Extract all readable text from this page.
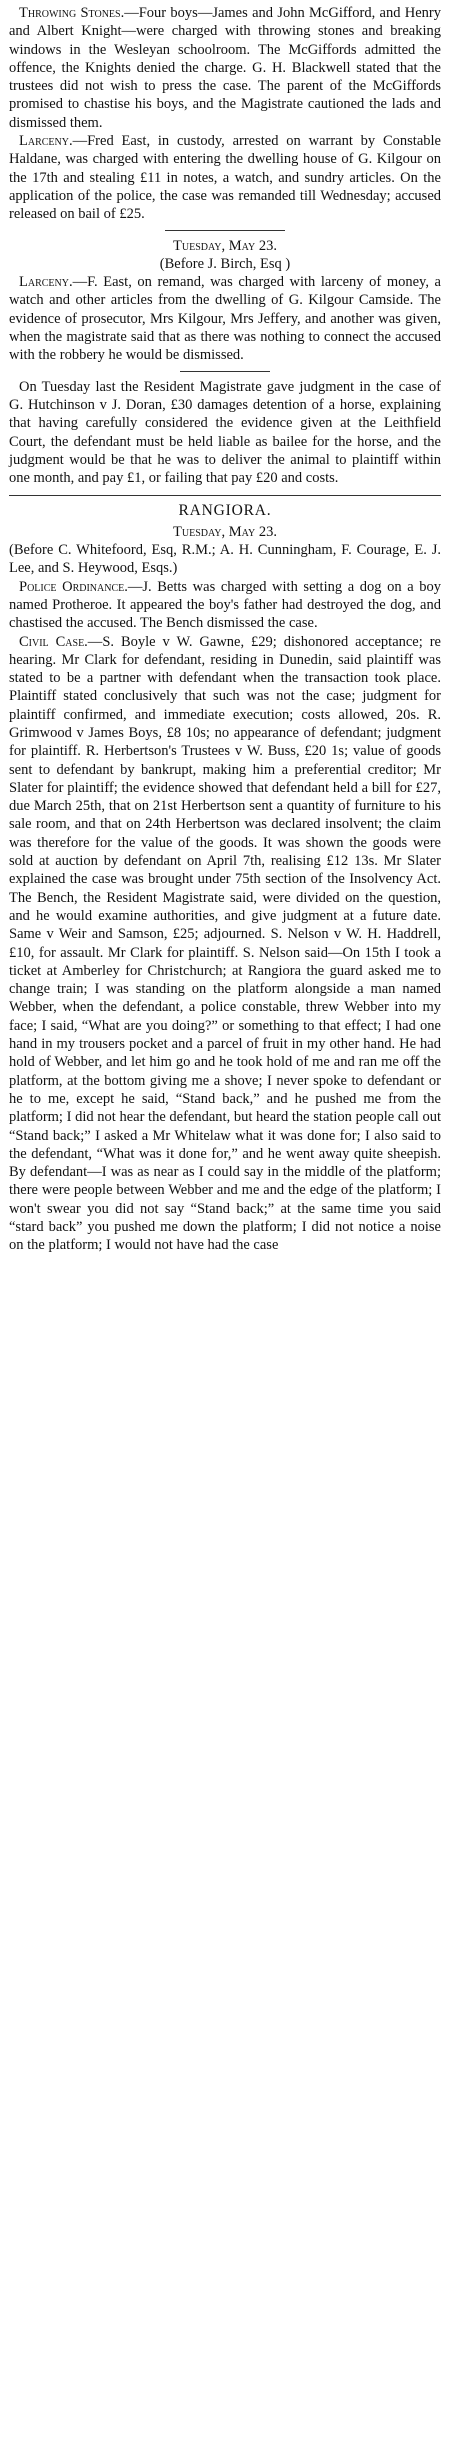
Throwing Stones.—Four boys—James and John McGifford, and Henry and Albert Knight—were charged with throwing stones and breaking windows in the Wesleyan schoolroom. The McGiffords admitted the offence, the Knights denied the charge. G. H. Blackwell stated that the trustees did not wish to press the case. The parent of the McGiffords promised to chastise his boys, and the Magistrate cautioned the lads and dismissed them.

Larceny.—Fred East, in custody, arrested on warrant by Constable Haldane, was charged with entering the dwelling house of G. Kilgour on the 17th and stealing £11 in notes, a watch, and sundry articles. On the application of the police, the case was remanded till Wednesday; accused released on bail of £25.

Tuesday, May 23.

(Before J. Birch, Esq )

Larceny.—F. East, on remand, was charged with larceny of money, a watch and other articles from the dwelling of G. Kilgour Camside. The evidence of prosecutor, Mrs Kilgour, Mrs Jeffery, and another was given, when the magistrate said that as there was nothing to connect the accused with the robbery he would be dismissed.

On Tuesday last the Resident Magistrate gave judgment in the case of G. Hutchinson v J. Doran, £30 damages detention of a horse, explaining that having carefully considered the evidence given at the Leithfield Court, the defendant must be held liable as bailee for the horse, and the judgment would be that he was to deliver the animal to plaintiff within one month, and pay £1, or failing that pay £20 and costs.

RANGIORA.

Tuesday, May 23.

(Before C. Whitefoord, Esq, R.M.; A. H. Cunningham, F. Courage, E. J. Lee, and S. Heywood, Esqs.)

Police Ordinance.—J. Betts was charged with setting a dog on a boy named Protheroe. It appeared the boy's father had destroyed the dog, and chastised the accused. The Bench dismissed the case.

Civil Case.—S. Boyle v W. Gawne, £29; dishonored acceptance; re hearing. Mr Clark for defendant, residing in Dunedin, said plaintiff was stated to be a partner with defendant when the transaction took place. Plaintiff stated conclusively that such was not the case; judgment for plaintiff confirmed, and immediate execution; costs allowed, 20s. R. Grimwood v James Boys, £8 10s; no appearance of defendant; judgment for plaintiff. R. Herbertson's Trustees v W. Buss, £20 1s; value of goods sent to defendant by bankrupt, making him a preferential creditor; Mr Slater for plaintiff; the evidence showed that defendant held a bill for £27, due March 25th, that on 21st Herbertson sent a quantity of furniture to his sale room, and that on 24th Herbertson was declared insolvent; the claim was therefore for the value of the goods. It was shown the goods were sold at auction by defendant on April 7th, realising £12 13s. Mr Slater explained the case was brought under 75th section of the Insolvency Act. The Bench, the Resident Magistrate said, were divided on the question, and he would examine authorities, and give judgment at a future date. Same v Weir and Samson, £25; adjourned. S. Nelson v W. H. Haddrell, £10, for assault. Mr Clark for plaintiff. S. Nelson said—On 15th I took a ticket at Amberley for Christchurch; at Rangiora the guard asked me to change train; I was standing on the platform alongside a man named Webber, when the defendant, a police constable, threw Webber into my face; I said, “What are you doing?” or something to that effect; I had one hand in my trousers pocket and a parcel of fruit in my other hand. He had hold of Webber, and let him go and he took hold of me and ran me off the platform, at the bottom giving me a shove; I never spoke to defendant or he to me, except he said, “Stand back,” and he pushed me from the platform; I did not hear the defendant, but heard the station people call out “Stand back;” I asked a Mr Whitelaw what it was done for; I also said to the defendant, “What was it done for,” and he went away quite sheepish. By defendant—I was as near as I could say in the middle of the platform; there were people between Webber and me and the edge of the platform; I won't swear you did not say “Stand back;” at the same time you said “stard back” you pushed me down the platform; I did not notice a noise on the platform; I would not have had the case
